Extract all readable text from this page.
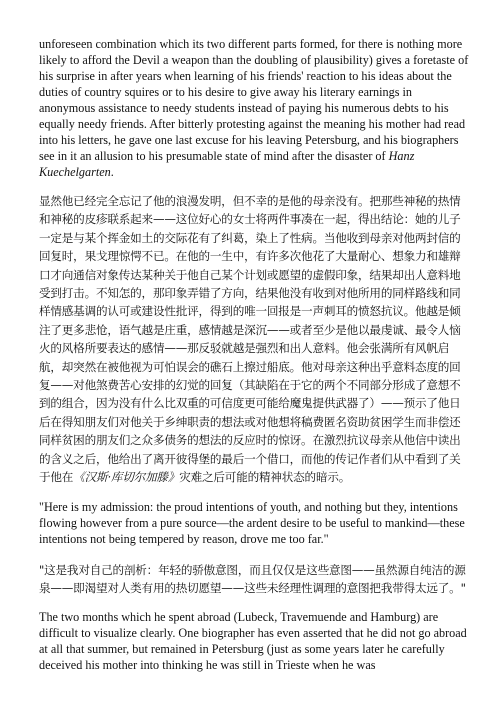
unforeseen combination which its two different parts formed, for there is nothing more likely to afford the Devil a weapon than the doubling of plausibility) gives a foretaste of his surprise in after years when learning of his friends' reaction to his ideas about the duties of country squires or to his desire to give away his literary earnings in anonymous assistance to needy students instead of paying his numerous debts to his equally needy friends. After bitterly protesting against the meaning his mother had read into his letters, he gave one last excuse for his leaving Petersburg, and his biographers see in it an allusion to his presumable state of mind after the disaster of Hanz Kuechelgarten.

显然他已经完全忘记了他的浪漫发明，但不幸的是他的母亲没有。把那些神秘的热情和神秘的皮疹联系起来——这位好心的女士将两件事凑在一起，得出结论：她的儿子一定是与某个挥金如土的交际花有了纠葛，染上了性病。当他收到母亲对他两封信的回复时，果戈理惊愕不已。在他的一生中，有许多次他花了大量耐心、想象力和雄辩口才向通信对象传达某种关于他自己某个计划或愿望的虚假印象，结果却出人意料地受到打击。不知怎的，那印象弄错了方向，结果他没有收到对他所用的同样路线和同样情感基调的认可或建设性批评，得到的唯一回报是一声刺耳的愤怒抗议。他越是倾注了更多悲怆，语气越是庄重，感情越是深沉——或者至少是他以最虔诚、最令人恼火的风格所要表达的感情——那反驳就越是强烈和出人意料。他会张满所有风帆启航，却突然在被他视为可怕误会的礁石上擦过船底。他对母亲这种出乎意料态度的回复——对他煞费苦心安排的幻觉的回复（其缺陷在于它的两个不同部分形成了意想不到的组合，因为没有什么比双重的可信度更可能给魔鬼提供武器了）——预示了他日后在得知朋友们对他关于乡绅职责的想法或对他想将稿费匿名资助贫困学生而非偿还同样贫困的朋友们之众多债务的想法的反应时的惊讶。在激烈抗议母亲从他信中读出的含义之后，他给出了离开彼得堡的最后一个借口，而他的传记作者们从中看到了关于他在《汉斯·库切尔加滕》灾难之后可能的精神状态的暗示。

"Here is my admission: the proud intentions of youth, and nothing but they, intentions flowing however from a pure source—the ardent desire to be useful to mankind—these intentions not being tempered by reason, drove me too far."

"这是我对自己的剖析：年轻的骄傲意图，而且仅仅是这些意图——虽然源自纯洁的源泉——即渴望对人类有用的热切愿望——这些未经理性调理的意图把我带得太远了。"

The two months which he spent abroad (Lubeck, Travemuende and Hamburg) are difficult to visualize clearly. One biographer has even asserted that he did not go abroad at all that summer, but remained in Petersburg (just as some years later he carefully deceived his mother into thinking he was still in Trieste when he was
